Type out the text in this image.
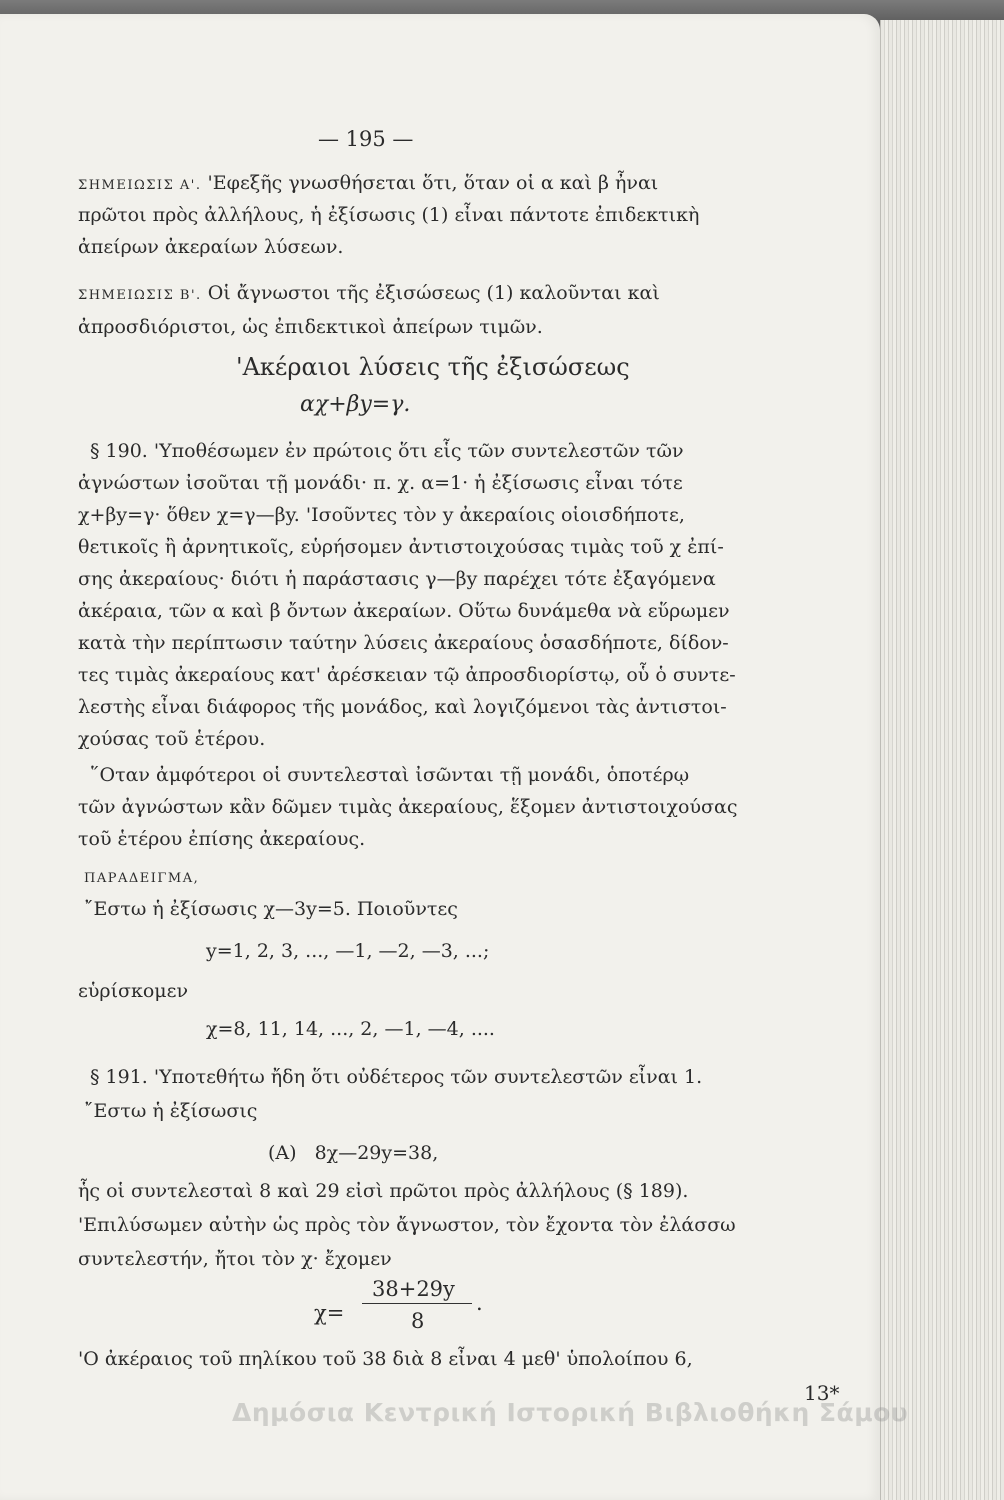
— 195 —
ΣΗΜΕΙΩΣΙΣ Α'. 'Εφεξῆς γνωσθήσεται ὅτι, ὅταν οἱ α καὶ β ἦναι
πρῶτοι πρὸς ἀλλήλους, ἡ ἐξίσωσις (1) εἶναι πάντοτε ἐπιδεκτικὴ
ἀπείρων ἀκεραίων λύσεων.
ΣΗΜΕΙΩΣΙΣ Β'. Οἱ ἄγνωστοι τῆς ἐξισώσεως (1) καλοῦνται καὶ
ἀπροσδιόριστοι, ὡς ἐπιδεκτικοὶ ἀπείρων τιμῶν.
'Ακέραιοι λύσεις τῆς ἐξισώσεως
αχ+βy=γ.
§ 190. 'Υποθέσωμεν ἐν πρώτοις ὅτι εἷς τῶν συντελεστῶν τῶν
ἀγνώστων ἰσοῦται τῇ μονάδι· π. χ. α=1· ἡ ἐξίσωσις εἶναι τότε
χ+βy=γ· ὅθεν χ=γ—βy. 'Ισοῦντες τὸν y ἀκεραίοις οἱοισδήποτε,
θετικοῖς ἢ ἀρνητικοῖς, εὑρήσομεν ἀντιστοιχούσας τιμὰς τοῦ χ ἐπί-
σης ἀκεραίους· διότι ἡ παράστασις γ—βy παρέχει τότε ἐξαγόμενα
ἀκέραια, τῶν α καὶ β ὄντων ἀκεραίων. Οὕτω δυνάμεθα νὰ εὕρωμεν
κατὰ τὴν περίπτωσιν ταύτην λύσεις ἀκεραίους ὁσασδήποτε, δίδον-
τες τιμὰς ἀκεραίους κατ' ἀρέσκειαν τῷ ἀπροσδιορίστῳ, οὗ ὁ συντε-
λεστὴς εἶναι διάφορος τῆς μονάδος, καὶ λογιζόμενοι τὰς ἀντιστοι-
χούσας τοῦ ἑτέρου.
῞Οταν ἀμφότεροι οἱ συντελεσταὶ ἰσῶνται τῇ μονάδι, ὁποτέρῳ
τῶν ἀγνώστων κἂν δῶμεν τιμὰς ἀκεραίους, ἕξομεν ἀντιστοιχούσας
τοῦ ἑτέρου ἐπίσης ἀκεραίους.
ΠΑΡΑΔΕΙΓΜΑ,
῎Εστω ἡ ἐξίσωσις χ—3y=5. Ποιοῦντες
y=1, 2, 3, ..., —1, —2, —3, ...;
εὑρίσκομεν
χ=8, 11, 14, ..., 2, —1, —4, ....
§ 191. 'Υποτεθήτω ἤδη ὅτι οὐδέτερος τῶν συντελεστῶν εἶναι 1.
῎Εστω ἡ ἐξίσωσις
(A) 8χ—29y=38,
ἧς οἱ συντελεσταὶ 8 καὶ 29 εἰσὶ πρῶτοι πρὸς ἀλλήλους (§ 189).
'Επιλύσωμεν αὐτὴν ὡς πρὸς τὸν ἄγνωστον, τὸν ἔχοντα τὸν ἐλάσσω
συντελεστήν, ἤτοι τὸν χ· ἔχομεν
χ=
38+29y
8
.
'Ο ἀκέραιος τοῦ πηλίκου τοῦ 38 διὰ 8 εἶναι 4 μεθ' ὑπολοίπου 6,
13*
Δημόσια Κεντρική Ιστορική Βιβλιοθήκη Σάμου
